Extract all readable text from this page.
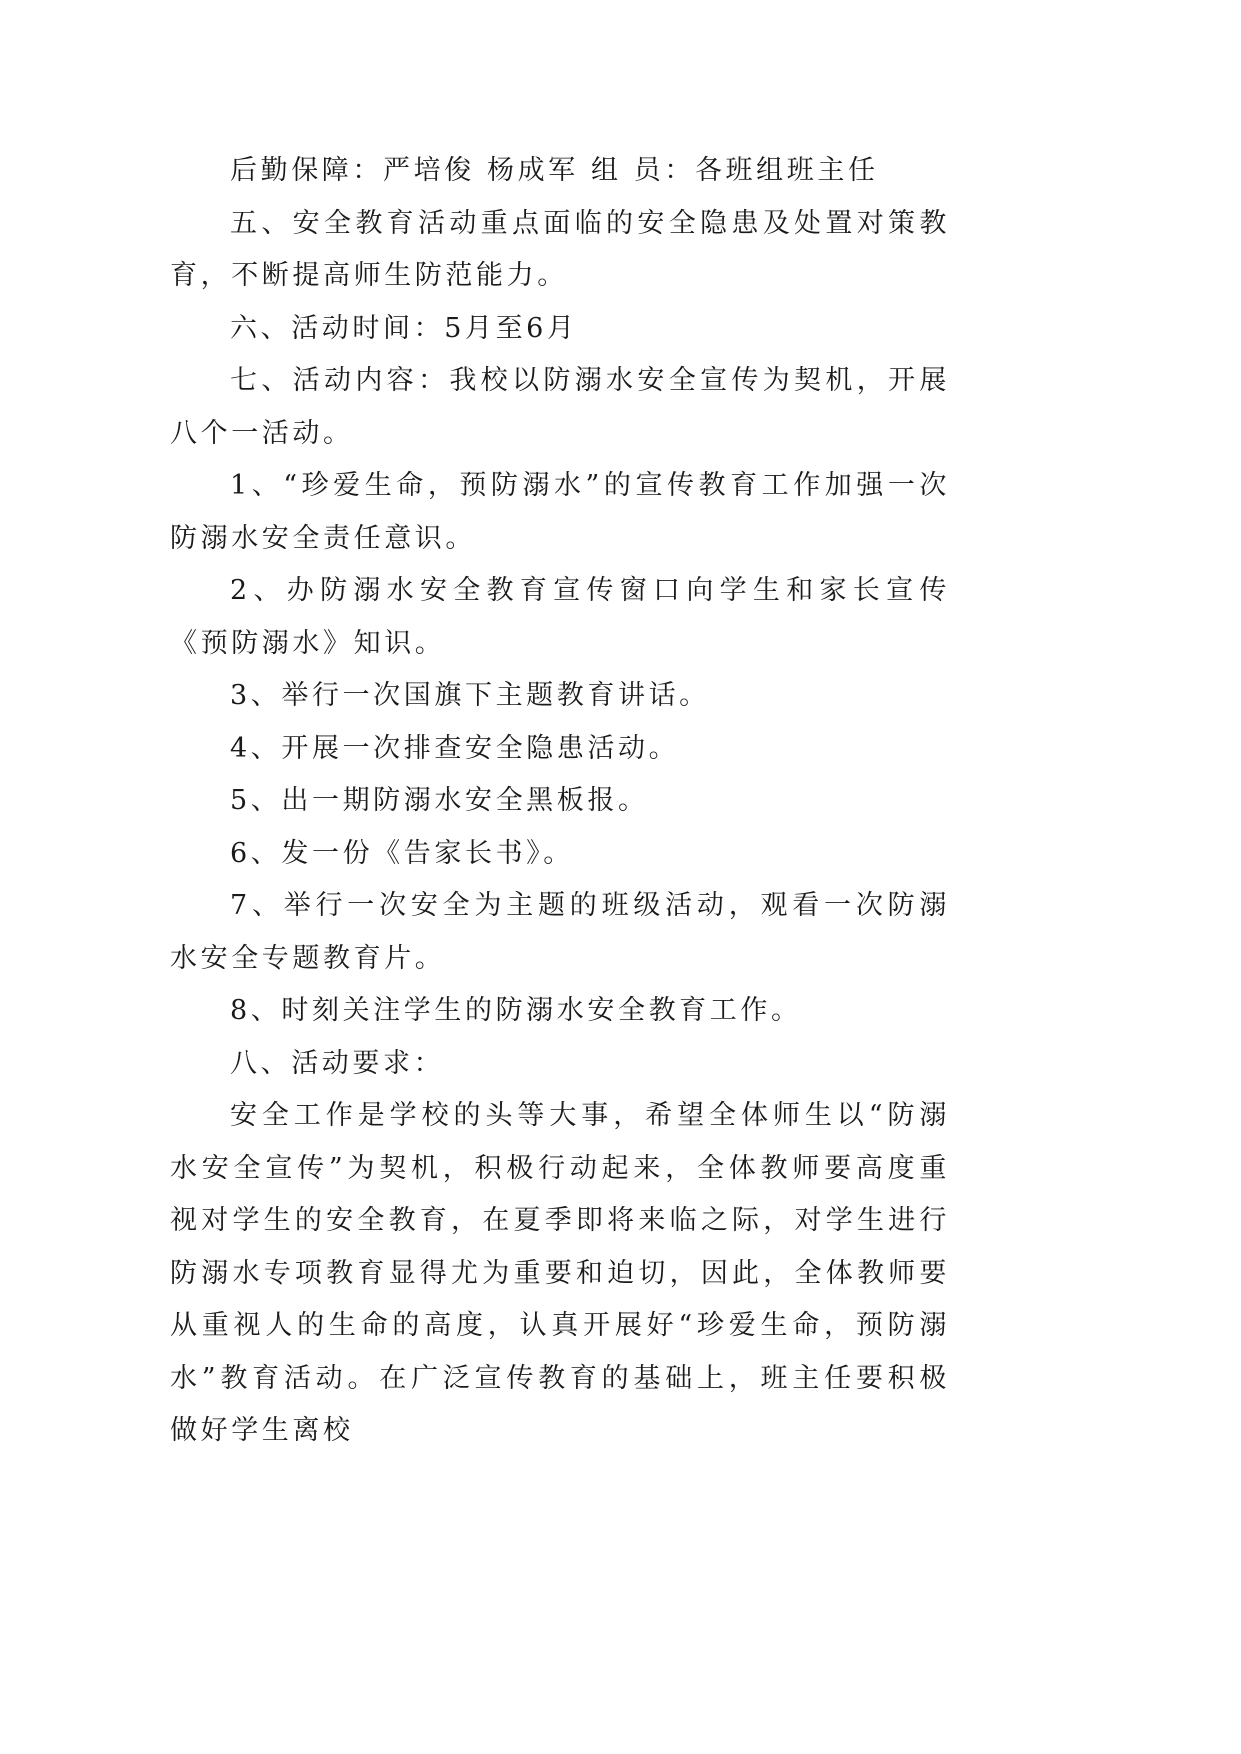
后勤保障：严培俊 杨成军 组 员：各班组班主任

五、安全教育活动重点面临的安全隐患及处置对策教育，不断提高师生防范能力。

六、活动时间：5月至6月

七、活动内容：我校以防溺水安全宣传为契机，开展八个一活动。

1、“珍爱生命，预防溺水”的宣传教育工作加强一次防溺水安全责任意识。

2、办防溺水安全教育宣传窗口向学生和家长宣传《预防溺水》知识。

3、举行一次国旗下主题教育讲话。

4、开展一次排查安全隐患活动。

5、出一期防溺水安全黑板报。

6、发一份《告家长书》。

7、举行一次安全为主题的班级活动，观看一次防溺水安全专题教育片。

8、时刻关注学生的防溺水安全教育工作。

八、活动要求：

安全工作是学校的头等大事，希望全体师生以“防溺水安全宣传”为契机，积极行动起来，全体教师要高度重视对学生的安全教育，在夏季即将来临之际，对学生进行防溺水专项教育显得尤为重要和迫切，因此，全体教师要从重视人的生命的高度，认真开展好“珍爱生命，预防溺水”教育活动。在广泛宣传教育的基础上，班主任要积极做好学生离校
